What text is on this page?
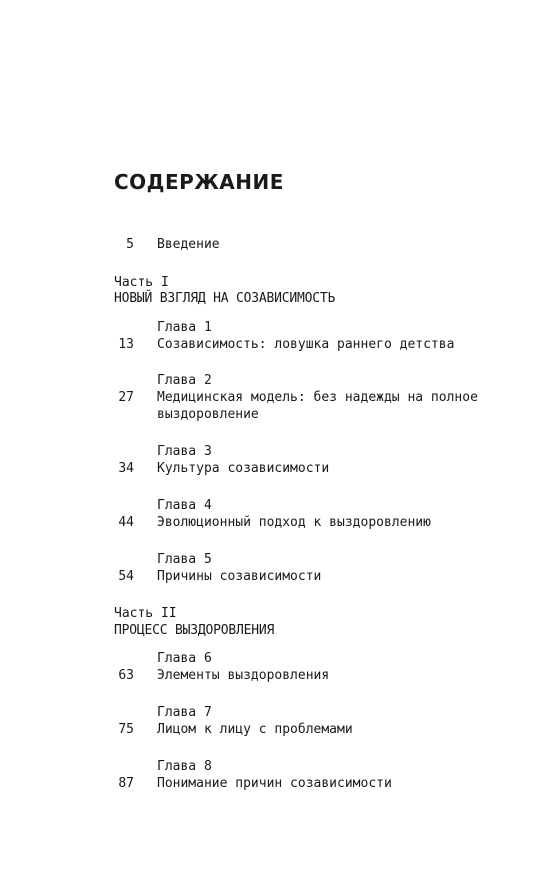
СОДЕРЖАНИЕ
5 Введение
Часть I
НОВЫЙ ВЗГЛЯД НА СОЗАВИСИМОСТЬ
Глава 1
13 Созависимость: ловушка раннего детства
Глава 2
27 Медицинская модель: без надежды на полное
выздоровление
Глава 3
34 Культура созависимости
Глава 4
44 Эволюционный подход к выздоровлению
Глава 5
54 Причины созависимости
Часть II
ПРОЦЕСС ВЫЗДОРОВЛЕНИЯ
Глава 6
63 Элементы выздоровления
Глава 7
75 Лицом к лицу с проблемами
Глава 8
87 Понимание причин созависимости
